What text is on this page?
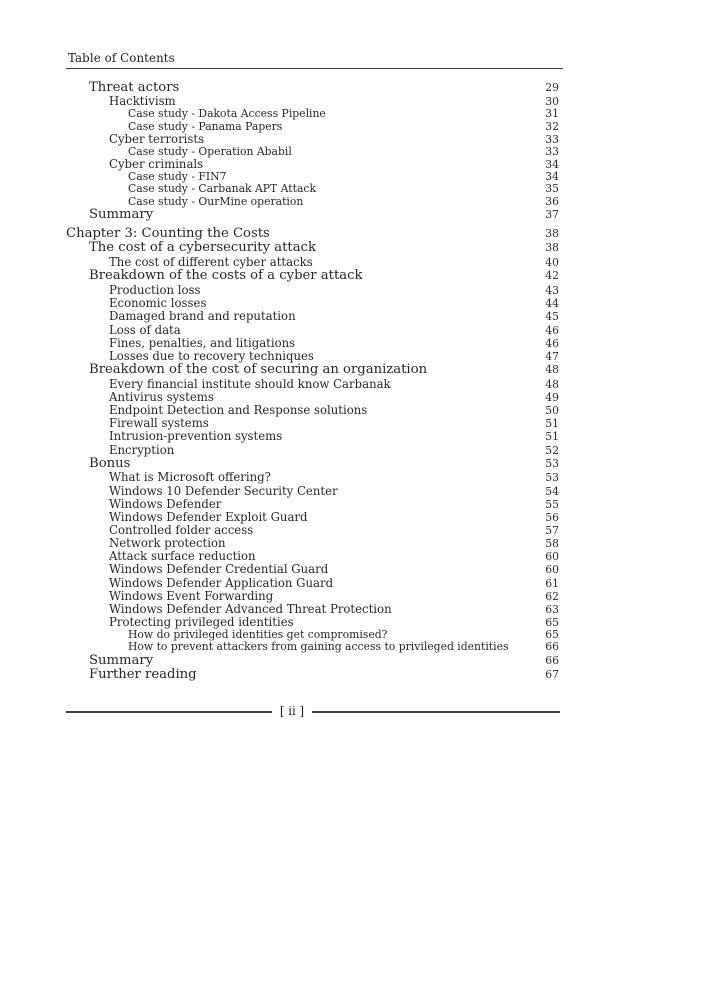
Table of Contents
Threat actors	29
Hacktivism	30
Case study - Dakota Access Pipeline	31
Case study - Panama Papers	32
Cyber terrorists	33
Case study - Operation Ababil	33
Cyber criminals	34
Case study - FIN7	34
Case study - Carbanak APT Attack	35
Case study - OurMine operation	36
Summary	37
Chapter 3: Counting the Costs	38
The cost of a cybersecurity attack	38
The cost of different cyber attacks	40
Breakdown of the costs of a cyber attack	42
Production loss	43
Economic losses	44
Damaged brand and reputation	45
Loss of data	46
Fines, penalties, and litigations	46
Losses due to recovery techniques	47
Breakdown of the cost of securing an organization	48
Every financial institute should know Carbanak	48
Antivirus systems	49
Endpoint Detection and Response solutions	50
Firewall systems	51
Intrusion-prevention systems	51
Encryption	52
Bonus	53
What is Microsoft offering?	53
Windows 10 Defender Security Center	54
Windows Defender	55
Windows Defender Exploit Guard	56
Controlled folder access	57
Network protection	58
Attack surface reduction	60
Windows Defender Credential Guard	60
Windows Defender Application Guard	61
Windows Event Forwarding	62
Windows Defender Advanced Threat Protection	63
Protecting privileged identities	65
How do privileged identities get compromised?	65
How to prevent attackers from gaining access to privileged identities	66
Summary	66
Further reading	67
[ ii ]
